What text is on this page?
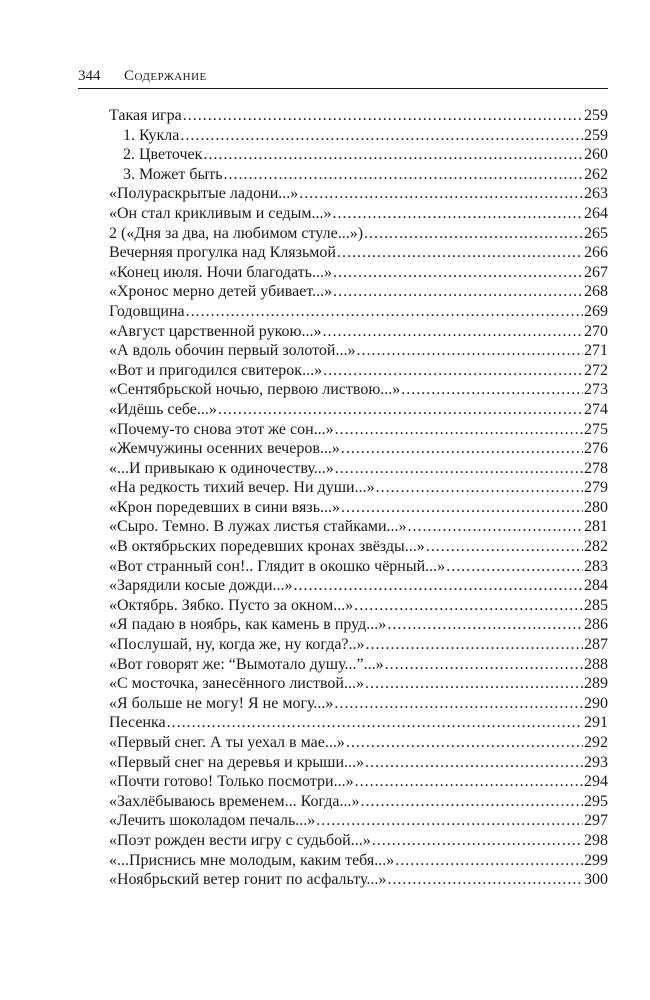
344 Содержание
Такая игра .....	259
1. Кукла .....	259
2. Цветочек .....	260
3. Может быть .....	262
«Полураскрытые ладони...» .....	263
«Он стал крикливым и седым...» .....	264
2 («Дня за два, на любимом стуле...») .....	265
Вечерняя прогулка над Клязьмой .....	266
«Конец июля. Ночи благодать...» .....	267
«Хронос мерно детей убивает...» .....	268
Годовщина .....	269
«Август царственной рукою...» .....	270
«А вдоль обочин первый золотой...» .....	271
«Вот и пригодился свитерок...» .....	272
«Сентябрьской ночью, первою листвою...» .....	273
«Идёшь себе...» .....	274
«Почему-то снова этот же сон...» .....	275
«Жемчужины осенних вечеров...» .....	276
«...И привыкаю к одиночеству...» .....	278
«На редкость тихий вечер. Ни души...» .....	279
«Крон поредевших в сини вязь...» .....	280
«Сыро. Темно. В лужах листья стайками...» .....	281
«В октябрьских поредевших кронах звёзды...» .....	282
«Вот странный сон!.. Глядит в окошко чёрный...» .....	283
«Зарядили косые дожди...» .....	284
«Октябрь. Зябко. Пусто за окном...» .....	285
«Я падаю в ноябрь, как камень в пруд...» .....	286
«Послушай, ну, когда же, ну когда?..» .....	287
«Вот говорят же: “Вымотало душу...”...» .....	288
«С мосточка, занесённого листвой...» .....	289
«Я больше не могу! Я не могу...» .....	290
Песенка .....	291
«Первый снег. А ты уехал в мае...» .....	292
«Первый снег на деревья и крыши...» .....	293
«Почти готово! Только посмотри...» .....	294
«Захлёбываюсь временем... Когда...» .....	295
«Лечить шоколадом печаль...» .....	297
«Поэт рожден вести игру с судьбой...» .....	298
«...Приснись мне молодым, каким тебя...» .....	299
«Ноябрьский ветер гонит по асфальту...» .....	300
